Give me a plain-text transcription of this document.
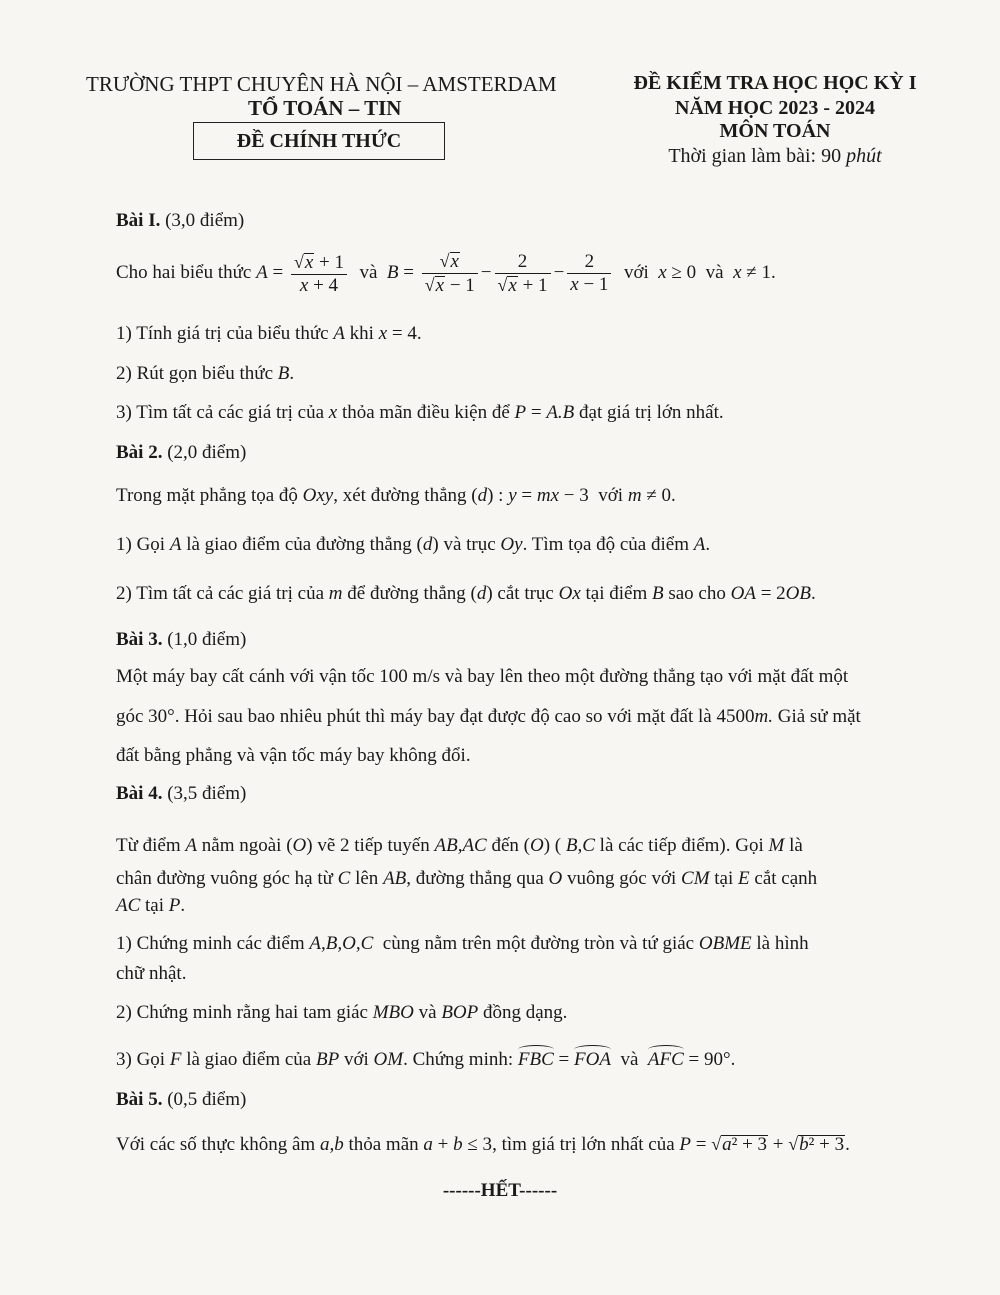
TRƯỜNG THPT CHUYÊN HÀ NỘI – AMSTERDAM
TỔ TOÁN – TIN
ĐỀ CHÍNH THỨC
ĐỀ KIỂM TRA HỌC HỌC KỲ I
NĂM HỌC 2023 - 2024
MÔN TOÁN
Thời gian làm bài: 90 phút
Bài I. (3,0 điểm)
Cho hai biểu thức $A = \frac{√x + 1}{x + 4}$ và $B = \frac{√x}{√x - 1} - \frac{2}{√x + 1} - \frac{2}{x - 1}$ với x ≥ 0  và  x ≠ 1.
1) Tính giá trị của biểu thức A khi x = 4.
2) Rút gọn biểu thức B.
3) Tìm tất cả các giá trị của x thỏa mãn điều kiện để P = A.B đạt giá trị lớn nhất.
Bài 2. (2,0 điểm)
Trong mặt phẳng tọa độ Oxy, xét đường thẳng (d) : y = mx − 3  với m ≠ 0.
1) Gọi A là giao điểm của đường thẳng (d) và trục Oy. Tìm tọa độ của điểm A.
2) Tìm tất cả các giá trị của m để đường thẳng (d) cắt trục Ox tại điểm B sao cho OA = 2OB.
Bài 3. (1,0 điểm)
Một máy bay cất cánh với vận tốc 100 m/s và bay lên theo một đường thẳng tạo với mặt đất một
góc 30°. Hỏi sau bao nhiêu phút thì máy bay đạt được độ cao so với mặt đất là 4500m. Giả sử mặt
đất bằng phẳng và vận tốc máy bay không đổi.
Bài 4. (3,5 điểm)
Từ điểm A nằm ngoài (O) vẽ 2 tiếp tuyến AB,AC đến (O) ( B,C là các tiếp điểm). Gọi M là
chân đường vuông góc hạ từ C lên AB, đường thẳng qua O vuông góc với CM tại E cắt cạnh
AC tại P.
1) Chứng minh các điểm A,B,O,C cùng nằm trên một đường tròn và tứ giác OBME là hình
chữ nhật.
2) Chứng minh rằng hai tam giác MBO và BOP đồng dạng.
3) Gọi F là giao điểm của BP với OM. Chứng minh: FBC = FOA và AFC = 90°.
Bài 5. (0,5 điểm)
Với các số thực không âm a,b thỏa mãn a + b ≤ 3, tìm giá trị lớn nhất của P = √a² + 3 + √b² + 3.
------HẾT------
